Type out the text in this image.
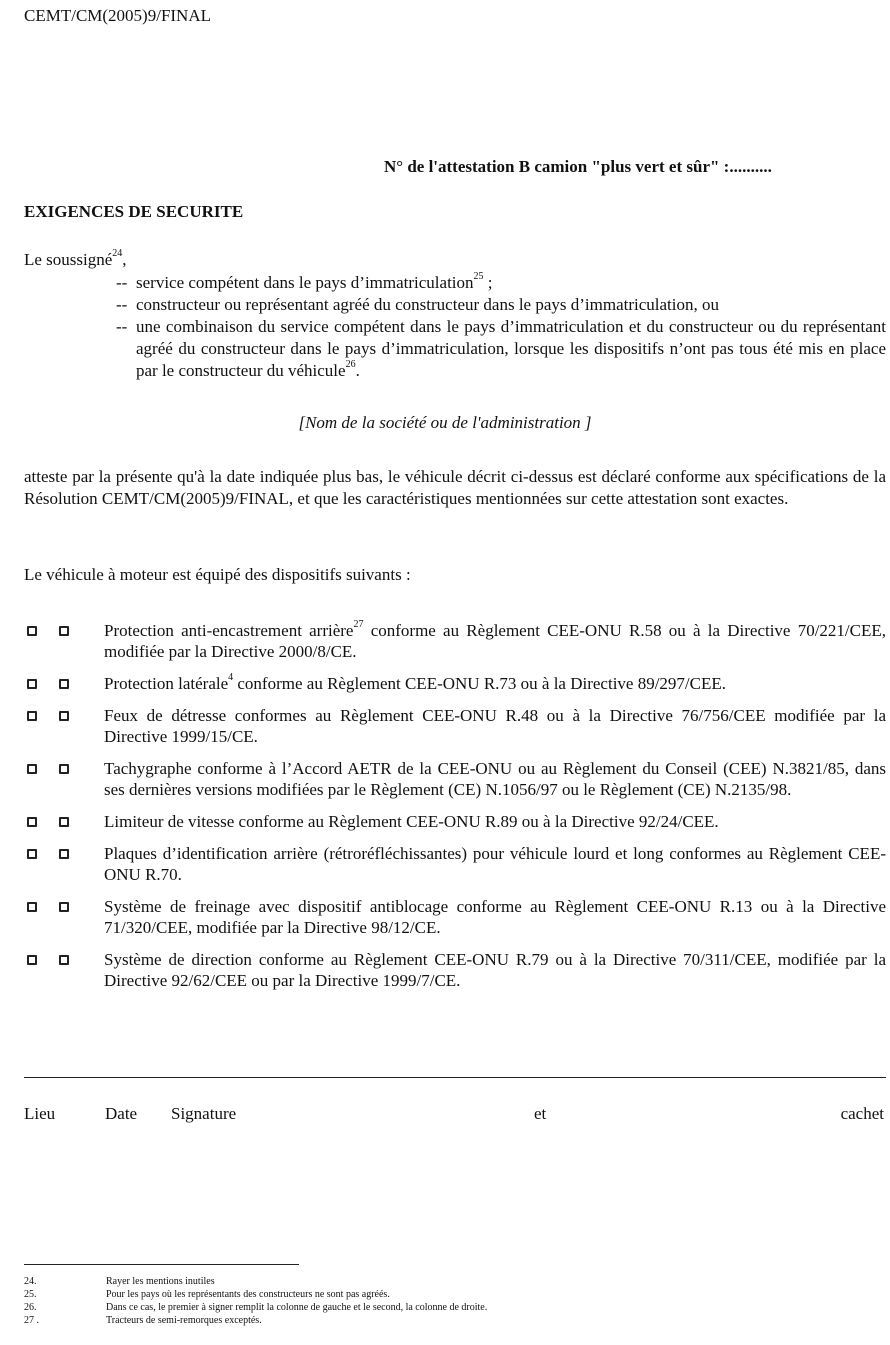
CEMT/CM(2005)9/FINAL
N° de l'attestation B camion "plus vert et sûr" :..........
EXIGENCES DE SECURITE
Le soussigné$^{24}$,
-- service compétent dans le pays d’immatriculation$^{25}$ ;
-- constructeur ou représentant agréé du constructeur dans le pays d’immatriculation, ou
-- une combinaison du service compétent dans le pays d’immatriculation et du constructeur ou du représentant agréé du constructeur dans le pays d’immatriculation, lorsque les dispositifs n’ont pas tous été mis en place par le constructeur du véhicule$^{26}$.
[Nom de la société ou de l'administration ]
atteste par la présente qu'à la date indiquée plus bas, le véhicule décrit ci-dessus est déclaré conforme aux spécifications de la Résolution CEMT/CM(2005)9/FINAL, et que les caractéristiques mentionnées sur cette attestation sont exactes.
Le véhicule à moteur est équipé des dispositifs suivants :
Protection anti-encastrement arrière$^{27}$ conforme au Règlement CEE-ONU R.58 ou à la Directive 70/221/CEE, modifiée par la Directive 2000/8/CE.
Protection latérale$^4$ conforme au Règlement CEE-ONU R.73 ou à la Directive 89/297/CEE.
Feux de détresse conformes au Règlement CEE-ONU R.48 ou à la Directive 76/756/CEE modifiée par la Directive 1999/15/CE.
Tachygraphe conforme à l’Accord AETR de la CEE-ONU ou au Règlement du Conseil (CEE) N.3821/85, dans ses dernières versions modifiées par le Règlement (CE) N.1056/97 ou le Règlement (CE) N.2135/98.
Limiteur de vitesse conforme au Règlement CEE-ONU R.89 ou à la Directive 92/24/CEE.
Plaques d’identification arrière (rétroréfléchissantes) pour véhicule lourd et long conformes au Règlement CEE-ONU R.70.
Système de freinage avec dispositif antiblocage conforme au Règlement CEE-ONU R.13 ou à la Directive 71/320/CEE, modifiée par la Directive 98/12/CE.
Système de direction conforme au Règlement CEE-ONU R.79 ou à la Directive 70/311/CEE, modifiée par la Directive 92/62/CEE ou par la Directive 1999/7/CE.
Lieu	Date Signature	et	cachet
24.	Rayer les mentions inutiles
25.	Pour les pays où les représentants des constructeurs ne sont pas agréés.
26.	Dans ce cas, le premier à signer remplit la colonne de gauche et le second, la colonne de droite.
27 .	Tracteurs de semi-remorques exceptés.
